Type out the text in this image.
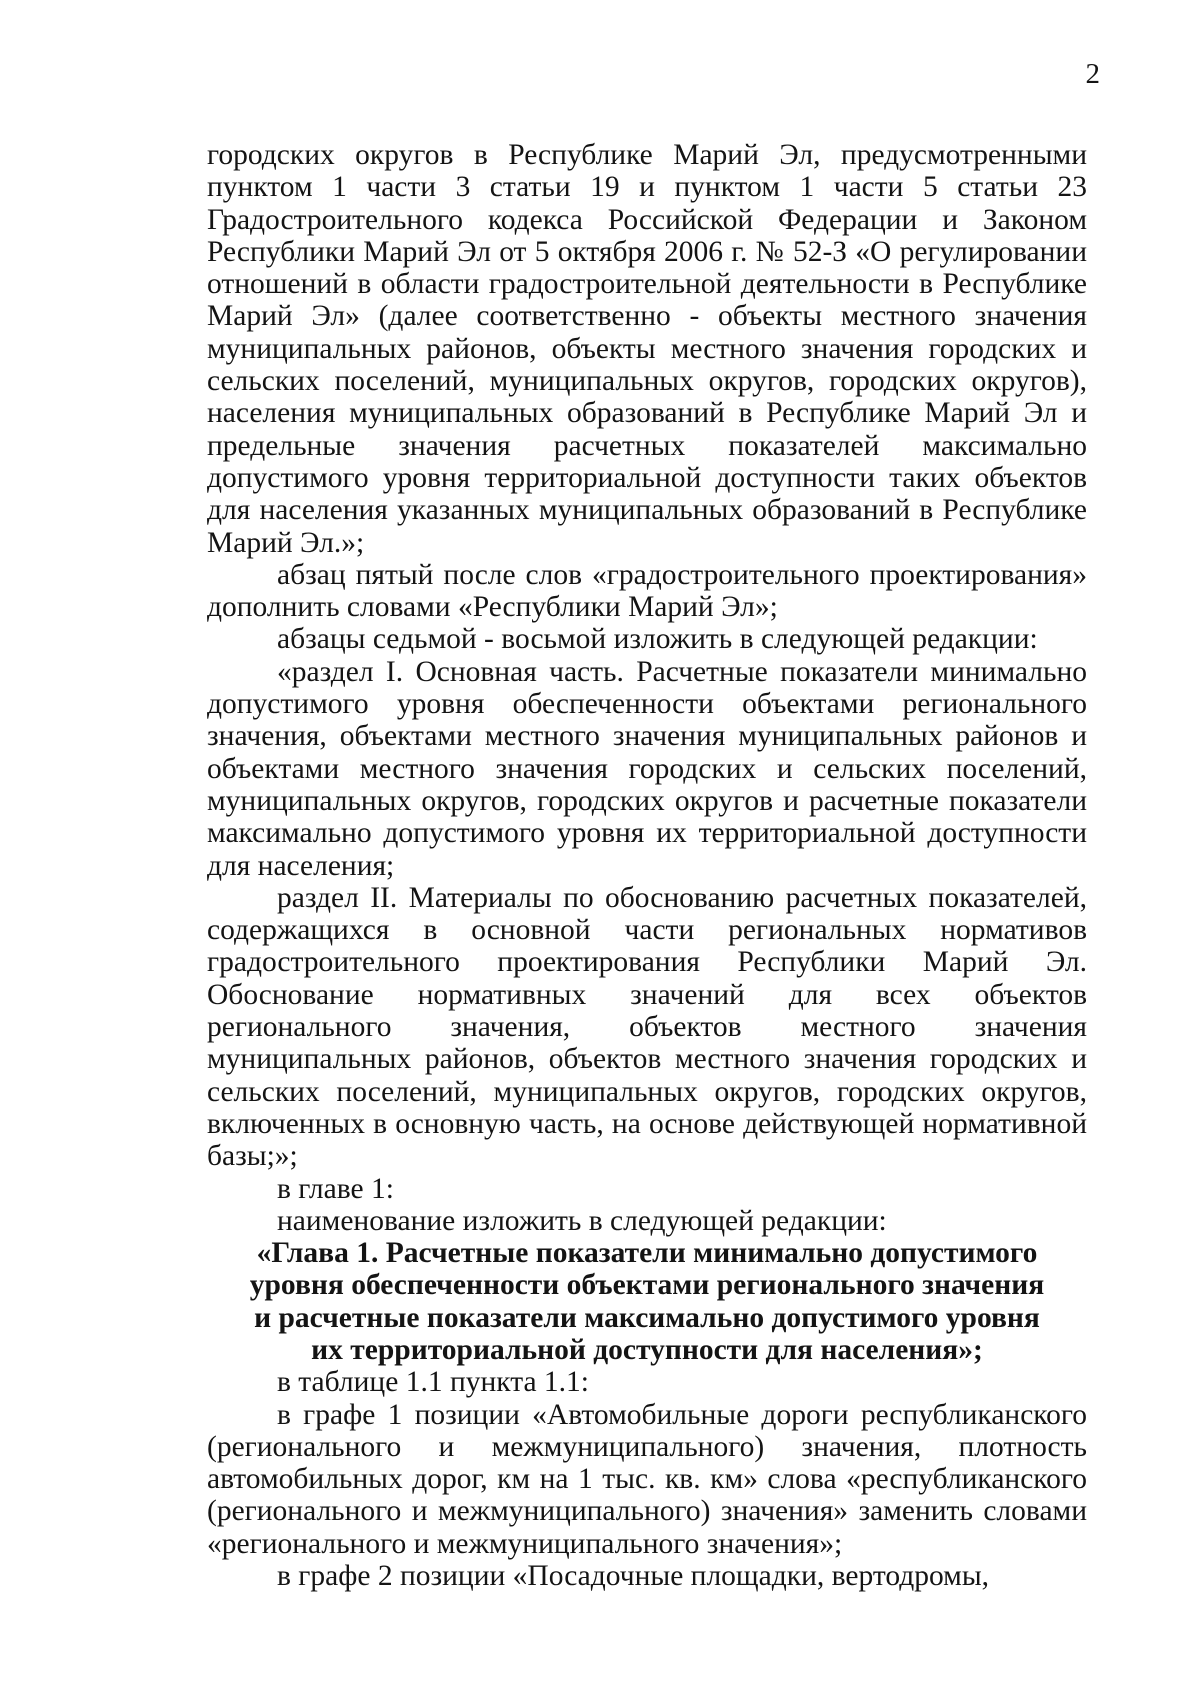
2

городских округов в Республике Марий Эл, предусмотренными пунктом 1 части 3 статьи 19 и пунктом 1 части 5 статьи 23 Градостроительного кодекса Российской Федерации и Законом Республики Марий Эл от 5 октября 2006 г. № 52-З «О регулировании отношений в области градостроительной деятельности в Республике Марий Эл» (далее соответственно - объекты местного значения муниципальных районов, объекты местного значения городских и сельских поселений, муниципальных округов, городских округов), населения муниципальных образований в Республике Марий Эл и предельные значения расчетных показателей максимально допустимого уровня территориальной доступности таких объектов для населения указанных муниципальных образований в Республике Марий Эл.»;

абзац пятый после слов «градостроительного проектирования» дополнить словами «Республики Марий Эл»;

абзацы седьмой - восьмой изложить в следующей редакции:

«раздел I. Основная часть. Расчетные показатели минимально допустимого уровня обеспеченности объектами регионального значения, объектами местного значения муниципальных районов и объектами местного значения городских и сельских поселений, муниципальных округов, городских округов и расчетные показатели максимально допустимого уровня их территориальной доступности для населения;

раздел II. Материалы по обоснованию расчетных показателей, содержащихся в основной части региональных нормативов градостроительного проектирования Республики Марий Эл. Обоснование нормативных значений для всех объектов регионального значения, объектов местного значения муниципальных районов, объектов местного значения городских и сельских поселений, муниципальных округов, городских округов, включенных в основную часть, на основе действующей нормативной базы;»;

в главе 1:

наименование изложить в следующей редакции:

«Глава 1. Расчетные показатели минимально допустимого уровня обеспеченности объектами регионального значения и расчетные показатели максимально допустимого уровня их территориальной доступности для населения»;

в таблице 1.1 пункта 1.1:

в графе 1 позиции «Автомобильные дороги республиканского (регионального и межмуниципального) значения, плотность автомобильных дорог, км на 1 тыс. кв. км» слова «республиканского (регионального и межмуниципального) значения» заменить словами «регионального и межмуниципального значения»;

в графе 2 позиции «Посадочные площадки, вертодромы,
